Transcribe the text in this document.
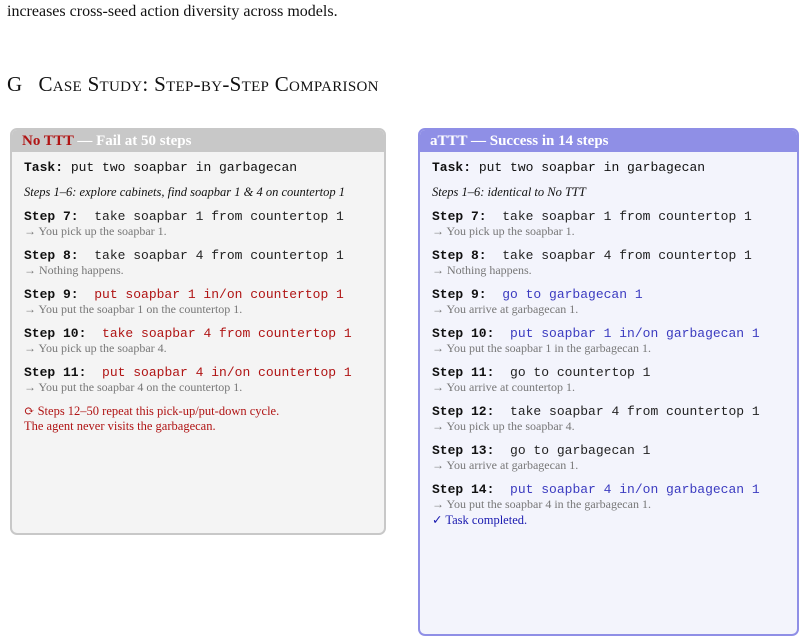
increases cross-seed action diversity across models.

G Case Study: Step-by-Step Comparison
No TTT — Fail at 50 steps
Task: put two soapbar in garbagecan
Steps 1–6: explore cabinets, find soapbar 1 & 4 on countertop 1
Step 7: take soapbar 1 from countertop 1
→ You pick up the soapbar 1.
Step 8: take soapbar 4 from countertop 1
→ Nothing happens.
Step 9: put soapbar 1 in/on countertop 1
→ You put the soapbar 1 on the countertop 1.
Step 10: take soapbar 4 from countertop 1
→ You pick up the soapbar 4.
Step 11: put soapbar 4 in/on countertop 1
→ You put the soapbar 4 on the countertop 1.
⟳ Steps 12–50 repeat this pick-up/put-down cycle.
The agent never visits the garbagecan.
aTTT — Success in 14 steps
Task: put two soapbar in garbagecan
Steps 1–6: identical to No TTT
Step 7: take soapbar 1 from countertop 1
→ You pick up the soapbar 1.
Step 8: take soapbar 4 from countertop 1
→ Nothing happens.
Step 9: go to garbagecan 1
→ You arrive at garbagecan 1.
Step 10: put soapbar 1 in/on garbagecan 1
→ You put the soapbar 1 in the garbagecan 1.
Step 11: go to countertop 1
→ You arrive at countertop 1.
Step 12: take soapbar 4 from countertop 1
→ You pick up the soapbar 4.
Step 13: go to garbagecan 1
→ You arrive at garbagecan 1.
Step 14: put soapbar 4 in/on garbagecan 1
→ You put the soapbar 4 in the garbagecan 1.
✓ Task completed.
